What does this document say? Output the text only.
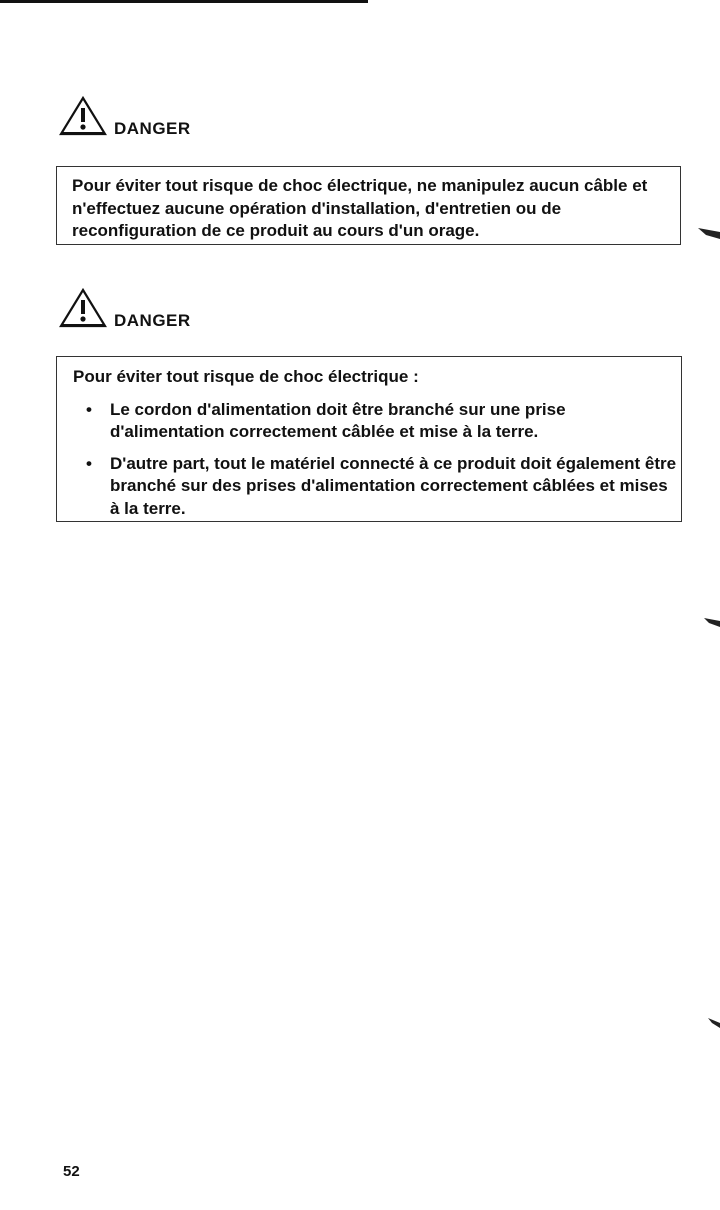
DANGER

Pour éviter tout risque de choc électrique, ne manipulez aucun câble et n'effectuez aucune opération d'installation, d'entretien ou de reconfiguration de ce produit au cours d'un orage.

DANGER

Pour éviter tout risque de choc électrique :

• Le cordon d'alimentation doit être branché sur une prise d'alimentation correctement câblée et mise à la terre.
• D'autre part, tout le matériel connecté à ce produit doit également être branché sur des prises d'alimentation correctement câblées et mises à la terre.
52
